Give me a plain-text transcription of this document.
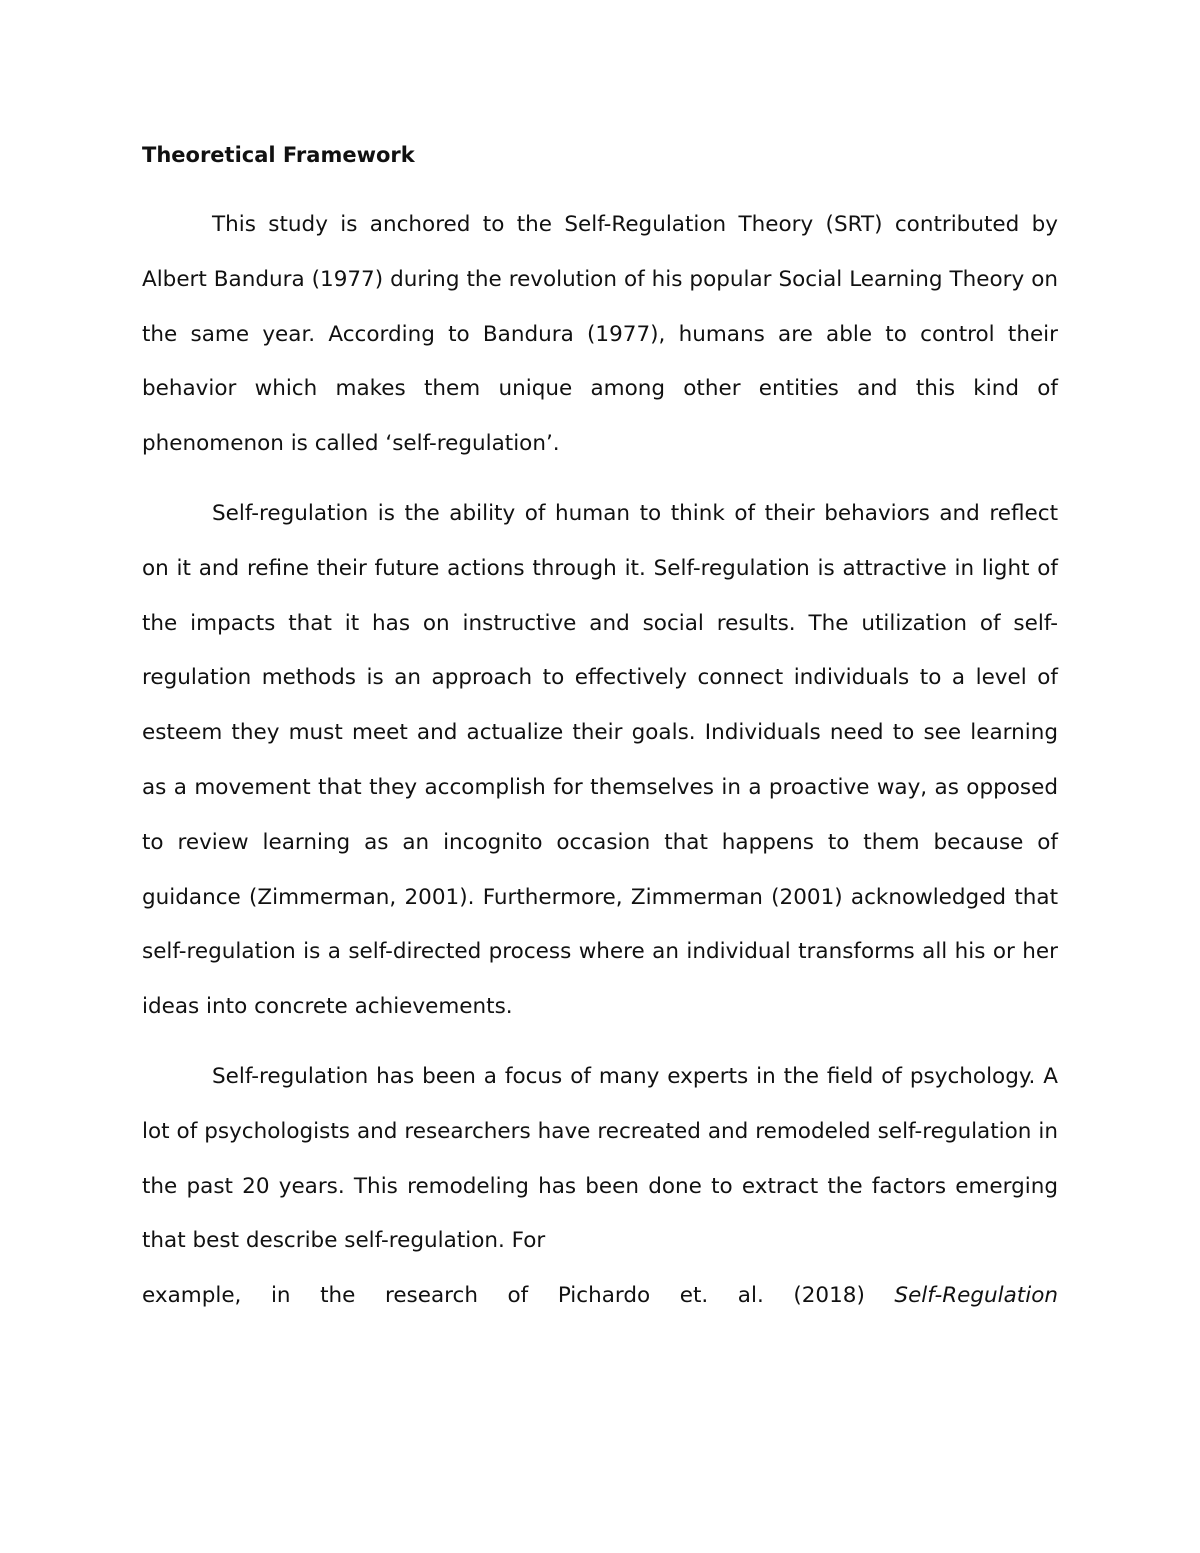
Theoretical Framework

This study is anchored to the Self-Regulation Theory (SRT) contributed by Albert Bandura (1977) during the revolution of his popular Social Learning Theory on the same year. According to Bandura (1977), humans are able to control their behavior which makes them unique among other entities and this kind of phenomenon is called ‘self-regulation’.

Self-regulation is the ability of human to think of their behaviors and reflect on it and refine their future actions through it. Self-regulation is attractive in light of the impacts that it has on instructive and social results. The utilization of self-regulation methods is an approach to effectively connect individuals to a level of esteem they must meet and actualize their goals. Individuals need to see learning as a movement that they accomplish for themselves in a proactive way, as opposed to review learning as an incognito occasion that happens to them because of guidance (Zimmerman, 2001). Furthermore, Zimmerman (2001) acknowledged that self-regulation is a self-directed process where an individual transforms all his or her ideas into concrete achievements.

Self-regulation has been a focus of many experts in the field of psychology. A lot of psychologists and researchers have recreated and remodeled self-regulation in the past 20 years. This remodeling has been done to extract the factors emerging that best describe self-regulation. For
example, in the research of Pichardo et. al. (2018) Self-Regulation
